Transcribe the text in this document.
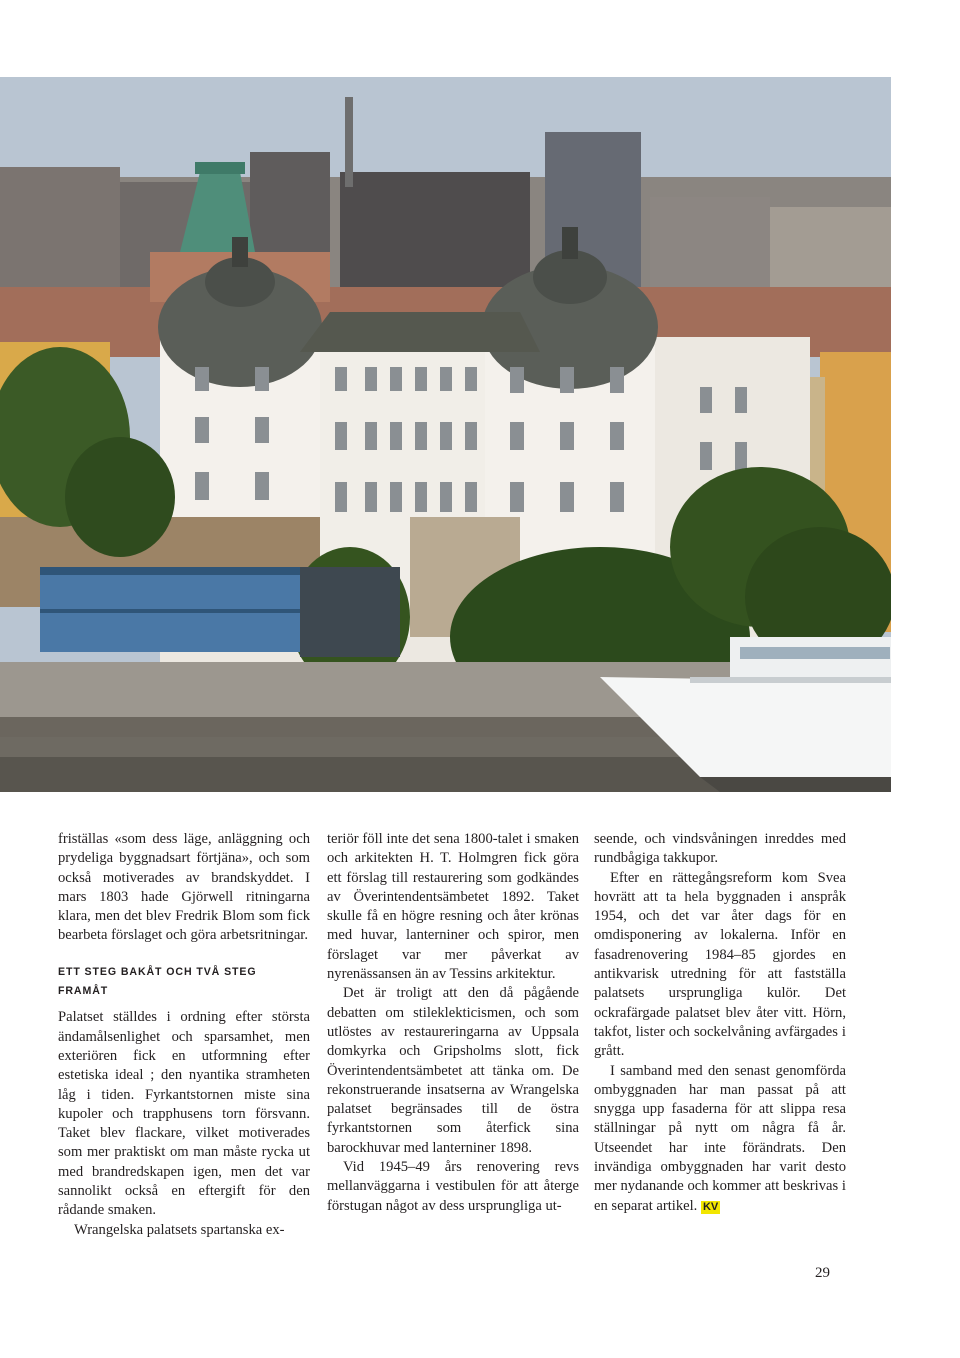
friställas «som dess läge, anläggning och prydeliga byggnadsart förtjäna», och som också motiverades av brandskyddet. I mars 1803 hade Gjörwell ritningarna klara, men det blev Fredrik Blom som fick bearbeta förslaget och göra arbetsritningar.

ETT STEG BAKÅT OCH TVÅ STEG FRAMÅT

Palatset ställdes i ordning efter största ändamålsenlighet och sparsamhet, men exteriören fick en utformning efter estetiska ideal ; den nyantika stramheten låg i tiden. Fyrkantstornen miste sina kupoler och trapphusens torn försvann. Taket blev flackare, vilket motiverades som mer praktiskt om man måste rycka ut med brandredskapen igen, men det var sannolikt också en eftergift för den rådande smaken.

Wrangelska palatsets spartanska ex-

teriör föll inte det sena 1800-talet i smaken och arkitekten H. T. Holmgren fick göra ett förslag till restaurering som godkändes av Överintendentsämbetet 1892. Taket skulle få en högre resning och åter krönas med huvar, lanterniner och spiror, men förslaget var mer påverkat av nyrenässansen än av Tessins arkitektur.

Det är troligt att den då pågående debatten om stileklekticismen, och som utlöstes av restaureringarna av Uppsala domkyrka och Gripsholms slott, fick Överintendentsämbetet att tänka om. De rekonstruerande insatserna av Wrangelska palatset begränsades till de östra fyrkantstornen som återfick sina barockhuvar med lanterniner 1898.

Vid 1945–49 års renovering revs mellanväggarna i vestibulen för att återge förstugan något av dess ursprungliga ut-

seende, och vindsvåningen inreddes med rundbågiga takkupor.

Efter en rättegångsreform kom Svea hovrätt att ta hela byggnaden i anspråk 1954, och det var åter dags för en omdisponering av lokalerna. Inför en fasadrenovering 1984–85 gjordes en antikvarisk utredning för att fastställa palatsets ursprungliga kulör. Det ockrafärgade palatset blev åter vitt. Hörn, takfot, lister och sockelvåning avfärgades i grått.

I samband med den senast genomförda ombyggnaden har man passat på att snygga upp fasaderna för att slippa resa ställningar på nytt om några få år. Utseendet har inte förändrats. Den invändiga ombyggnaden har varit desto mer nydanande och kommer att beskrivas i en separat artikel. KV

29
